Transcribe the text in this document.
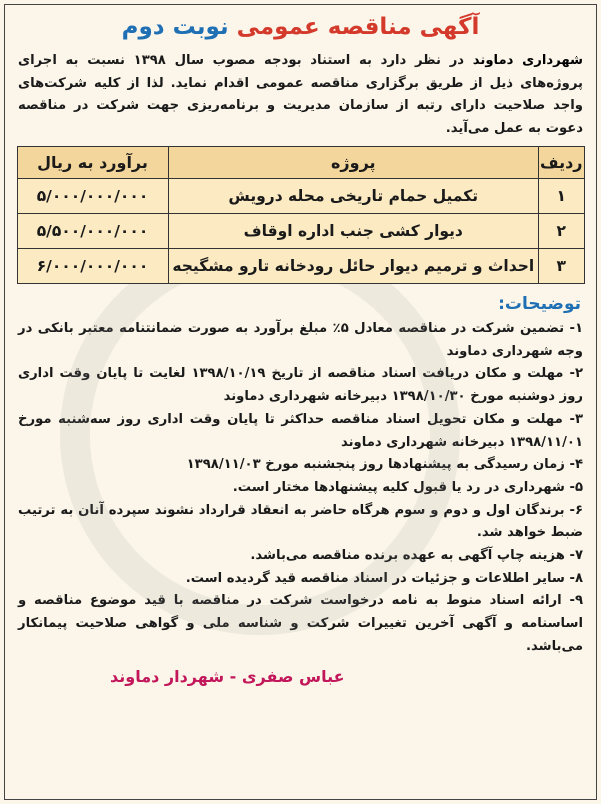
آگهی مناقصه عمومی نوبت دوم
شهرداری دماوند در نظر دارد به استناد بودجه مصوب سال ۱۳۹۸ نسبت به اجرای پروژه‌های ذیل از طریق برگزاری مناقصه عمومی اقدام نماید. لذا از کلیه شرکت‌های واجد صلاحیت دارای رتبه از سازمان مدیریت و برنامه‌ریزی جهت شرکت در مناقصه دعوت به عمل می‌آید.
ردیف	پروژه	برآورد به ریال
۱	تکمیل حمام تاریخی محله درویش	۵/۰۰۰/۰۰۰/۰۰۰
۲	دیوار کشی جنب اداره اوقاف	۵/۵۰۰/۰۰۰/۰۰۰
۳	احداث و ترمیم دیوار حائل رودخانه تارو مشگیجه	۶/۰۰۰/۰۰۰/۰۰۰
توضیحات:

۱- تضمین شرکت در مناقصه معادل ۵٪ مبلغ برآورد به صورت ضمانتنامه معتبر بانکی در وجه شهرداری دماوند

۲- مهلت و مکان دریافت اسناد مناقصه از تاریخ ۱۳۹۸/۱۰/۱۹ لغایت تا پایان وقت اداری روز دوشنبه مورخ ۱۳۹۸/۱۰/۳۰ دبیرخانه شهرداری دماوند

۳- مهلت و مکان تحویل اسناد مناقصه حداکثر تا پایان وقت اداری روز سه‌شنبه مورخ ۱۳۹۸/۱۱/۰۱ دبیرخانه شهرداری دماوند

۴- زمان رسیدگی به پیشنهادها روز پنجشنبه مورخ ۱۳۹۸/۱۱/۰۳

۵- شهرداری در رد یا قبول کلیه پیشنهادها مختار است.

۶- برندگان اول و دوم و سوم هرگاه حاضر به انعقاد قرارداد نشوند سپرده آنان به ترتیب ضبط خواهد شد.

۷- هزینه چاپ آگهی به عهده برنده مناقصه می‌باشد.

۸- سایر اطلاعات و جزئیات در اسناد مناقصه قید گردیده است.

۹- ارائه اسناد منوط به نامه درخواست شرکت در مناقصه با قید موضوع مناقصه و اساسنامه و آگهی آخرین تغییرات شرکت و شناسه ملی و گواهی صلاحیت پیمانکار می‌باشد.

عباس صفری - شهردار دماوند
